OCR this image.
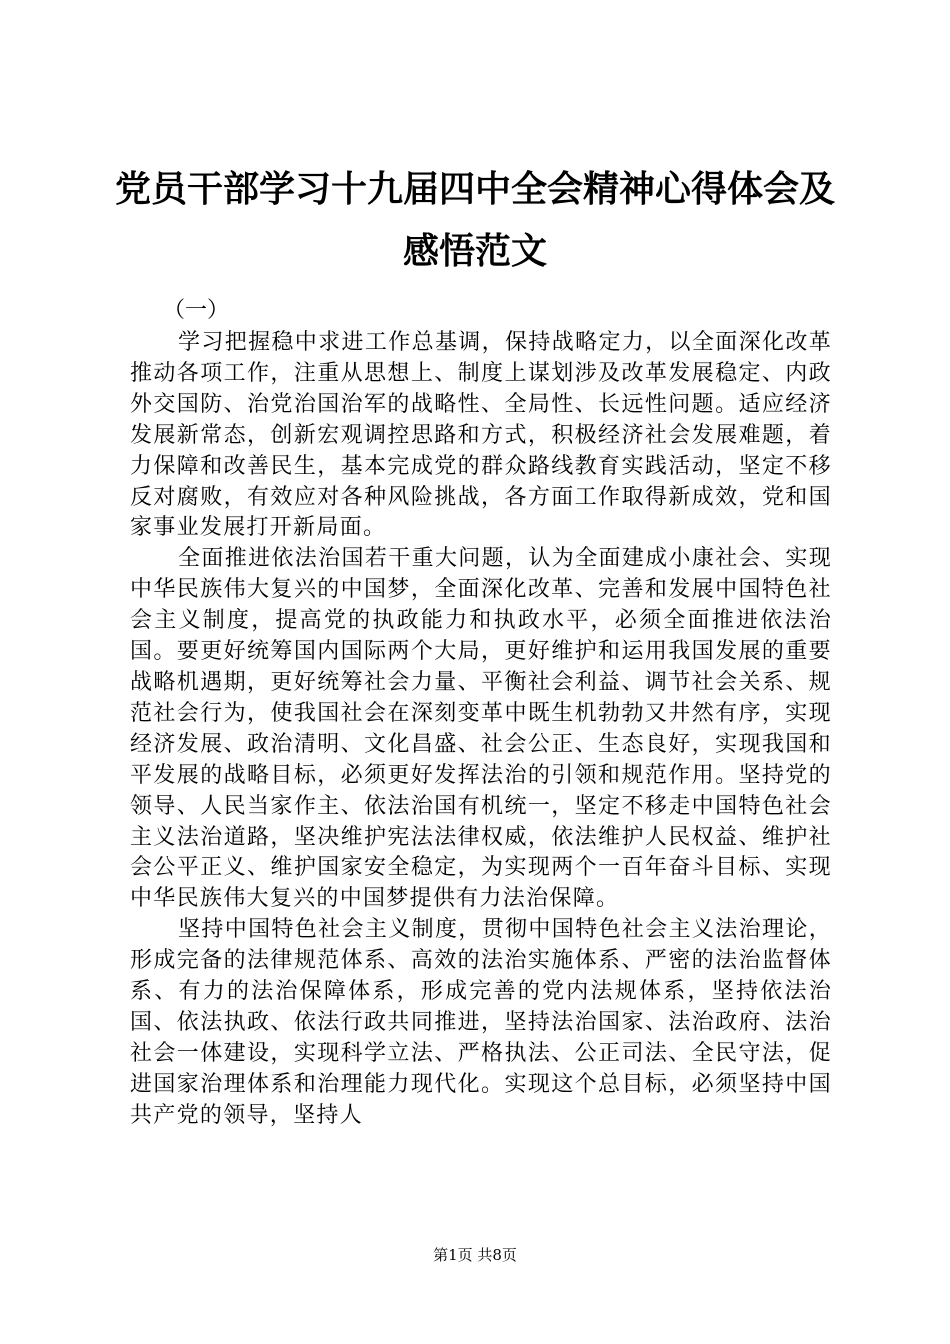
党员干部学习十九届四中全会精神心得体会及
感悟范文

（一）

学习把握稳中求进工作总基调，保持战略定力，以全面深化改革推动各项工作，注重从思想上、制度上谋划涉及改革发展稳定、内政外交国防、治党治国治军的战略性、全局性、长远性问题。适应经济发展新常态，创新宏观调控思路和方式，积极经济社会发展难题，着力保障和改善民生，基本完成党的群众路线教育实践活动，坚定不移反对腐败，有效应对各种风险挑战，各方面工作取得新成效，党和国家事业发展打开新局面。

全面推进依法治国若干重大问题，认为全面建成小康社会、实现中华民族伟大复兴的中国梦，全面深化改革、完善和发展中国特色社会主义制度，提高党的执政能力和执政水平，必须全面推进依法治国。要更好统筹国内国际两个大局，更好维护和运用我国发展的重要战略机遇期，更好统筹社会力量、平衡社会利益、调节社会关系、规范社会行为，使我国社会在深刻变革中既生机勃勃又井然有序，实现经济发展、政治清明、文化昌盛、社会公正、生态良好，实现我国和平发展的战略目标，必须更好发挥法治的引领和规范作用。坚持党的领导、人民当家作主、依法治国有机统一，坚定不移走中国特色社会主义法治道路，坚决维护宪法法律权威，依法维护人民权益、维护社会公平正义、维护国家安全稳定，为实现两个一百年奋斗目标、实现中华民族伟大复兴的中国梦提供有力法治保障。

坚持中国特色社会主义制度，贯彻中国特色社会主义法治理论，形成完备的法律规范体系、高效的法治实施体系、严密的法治监督体系、有力的法治保障体系，形成完善的党内法规体系，坚持依法治国、依法执政、依法行政共同推进，坚持法治国家、法治政府、法治社会一体建设，实现科学立法、严格执法、公正司法、全民守法，促进国家治理体系和治理能力现代化。实现这个总目标，必须坚持中国共产党的领导，坚持人

第1页 共8页
